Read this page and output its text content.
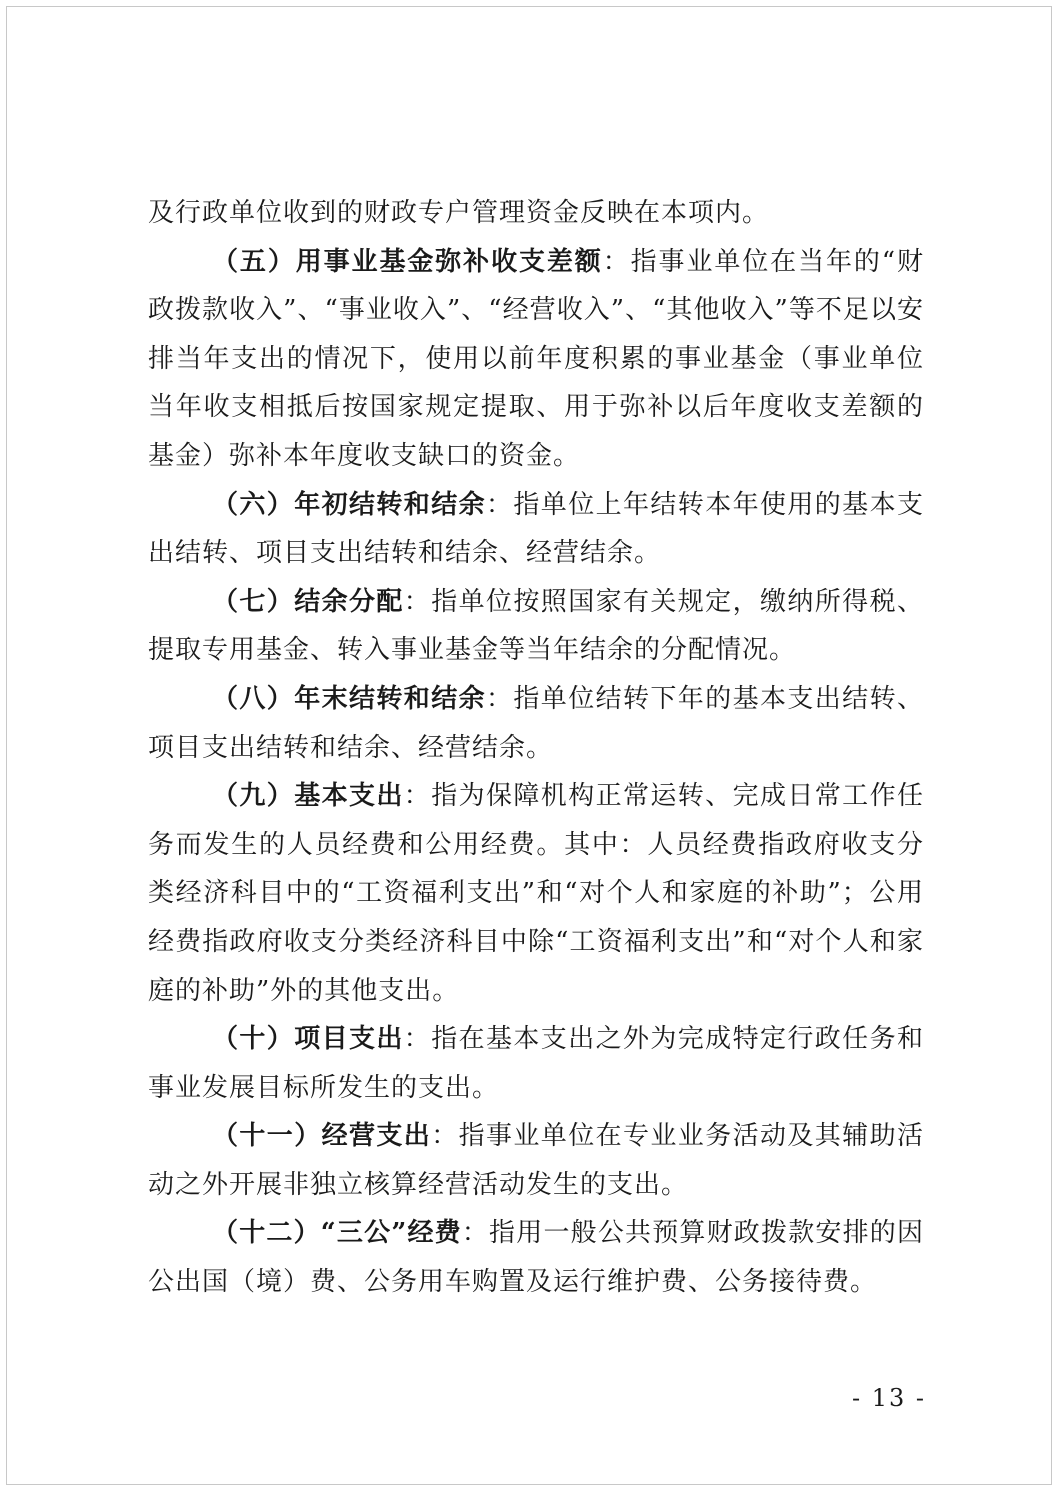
及行政单位收到的财政专户管理资金反映在本项内。

（五）用事业基金弥补收支差额：指事业单位在当年的“财政拨款收入”、“事业收入”、“经营收入”、“其他收入”等不足以安排当年支出的情况下，使用以前年度积累的事业基金（事业单位当年收支相抵后按国家规定提取、用于弥补以后年度收支差额的基金）弥补本年度收支缺口的资金。

（六）年初结转和结余：指单位上年结转本年使用的基本支出结转、项目支出结转和结余、经营结余。

（七）结余分配：指单位按照国家有关规定，缴纳所得税、提取专用基金、转入事业基金等当年结余的分配情况。

（八）年末结转和结余：指单位结转下年的基本支出结转、项目支出结转和结余、经营结余。

（九）基本支出：指为保障机构正常运转、完成日常工作任务而发生的人员经费和公用经费。其中：人员经费指政府收支分类经济科目中的“工资福利支出”和“对个人和家庭的补助”；公用经费指政府收支分类经济科目中除“工资福利支出”和“对个人和家庭的补助”外的其他支出。

（十）项目支出：指在基本支出之外为完成特定行政任务和事业发展目标所发生的支出。

（十一）经营支出：指事业单位在专业业务活动及其辅助活动之外开展非独立核算经营活动发生的支出。

（十二）“三公”经费：指用一般公共预算财政拨款安排的因公出国（境）费、公务用车购置及运行维护费、公务接待费。

- 13 -
